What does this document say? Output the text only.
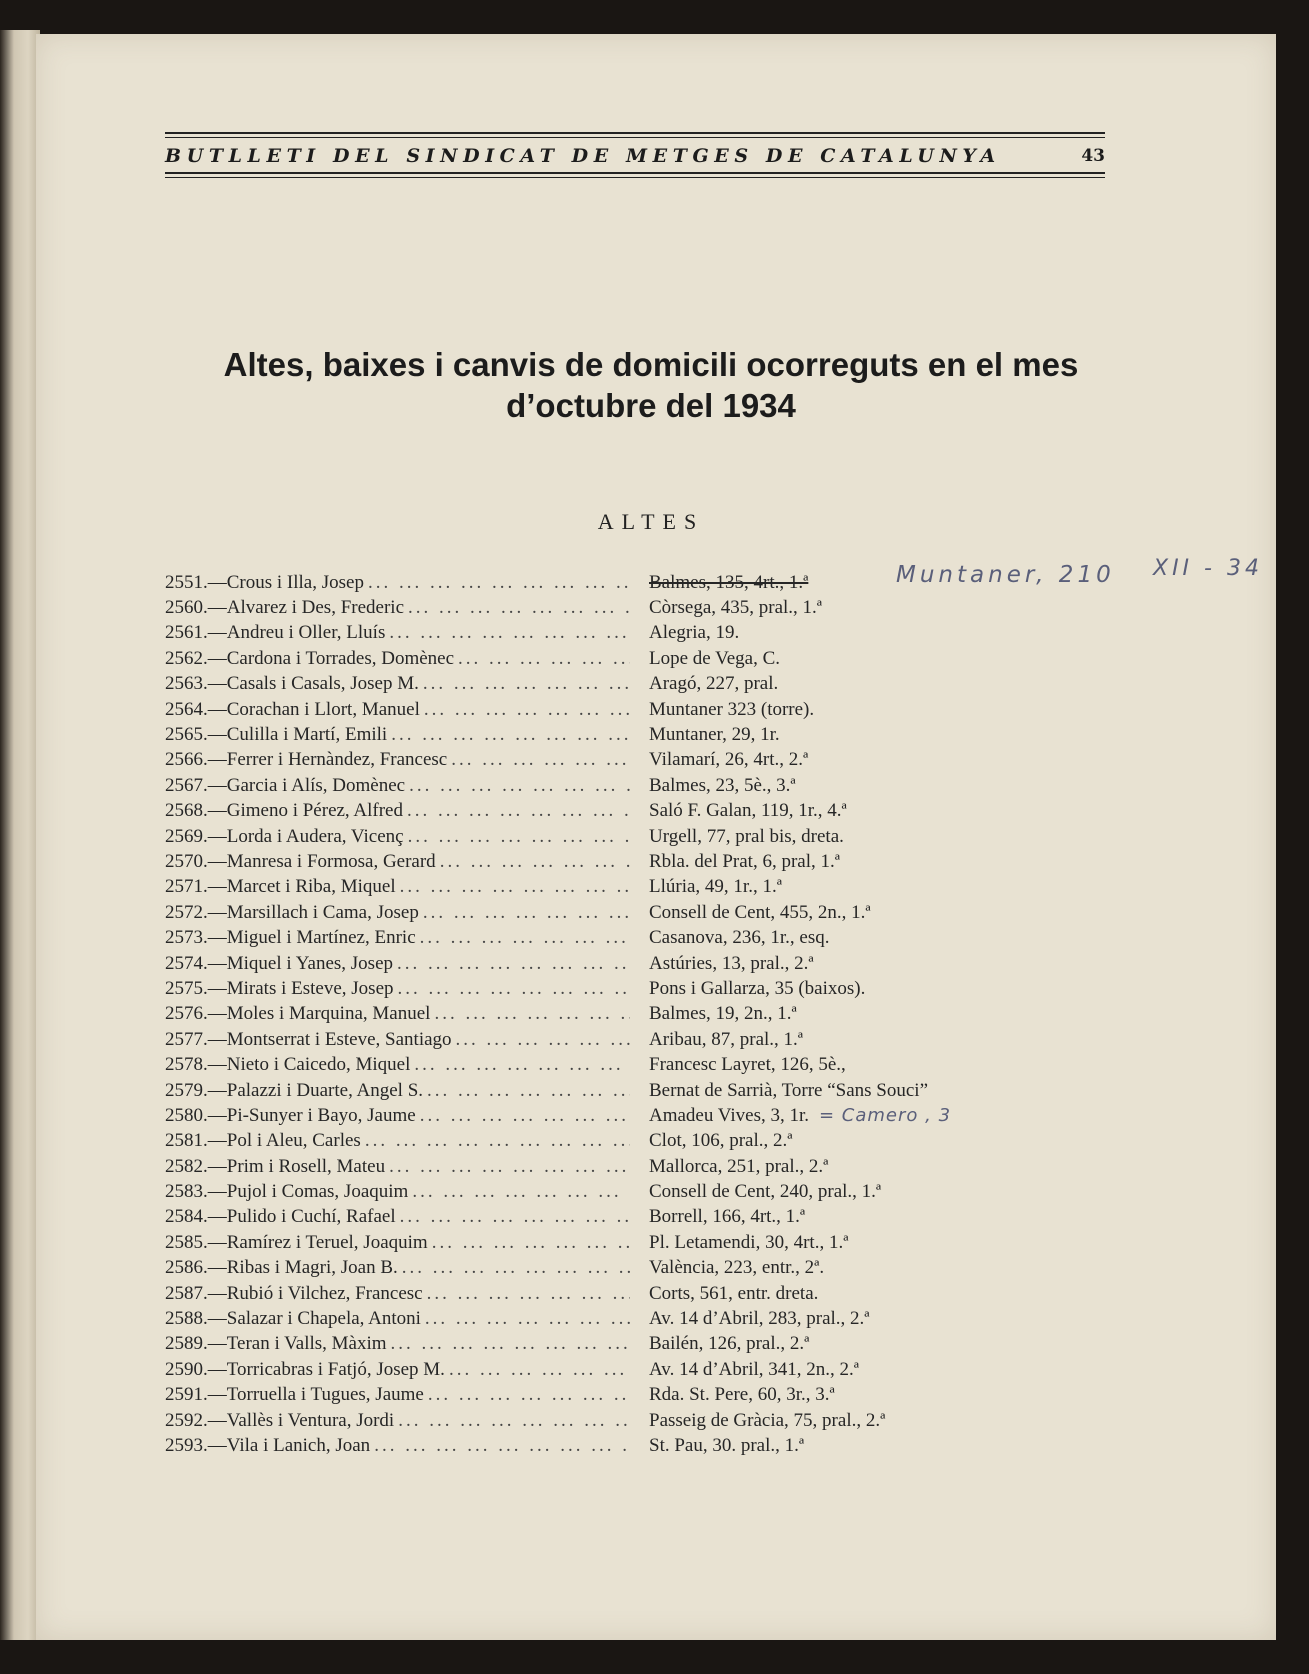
BUTLLETI DEL SINDICAT DE METGES DE CATALUNYA	43
Altes, baixes i canvis de domicili ocorreguts en el mes
d’octubre del 1934
ALTES
2551.—Crous i Illa, Josep ... .	Balmes, 135, 4rt., 1.ª
2560.—Alvarez i Des, Frederic ... .	Còrsega, 435, pral., 1.ª
2561.—Andreu i Oller, Lluís ... .	Alegria, 19.
2562.—Cardona i Torrades, Domènec ... .	Lope de Vega, C.
2563.—Casals i Casals, Josep M. ... .	Aragó, 227, pral.
2564.—Corachan i Llort, Manuel ... .	Muntaner 323 (torre).
2565.—Culilla i Martí, Emili ... .	Muntaner, 29, 1r.
2566.—Ferrer i Hernàndez, Francesc ... .	Vilamarí, 26, 4rt., 2.ª
2567.—Garcia i Alís, Domènec ... .	Balmes, 23, 5è., 3.ª
2568.—Gimeno i Pérez, Alfred ... .	Saló F. Galan, 119, 1r., 4.ª
2569.—Lorda i Audera, Vicenç ... .	Urgell, 77, pral bis, dreta.
2570.—Manresa i Formosa, Gerard ... .	Rbla. del Prat, 6, pral, 1.ª
2571.—Marcet i Riba, Miquel ... .	Llúria, 49, 1r., 1.ª
2572.—Marsillach i Cama, Josep ... .	Consell de Cent, 455, 2n., 1.ª
2573.—Miguel i Martínez, Enric ... .	Casanova, 236, 1r., esq.
2574.—Miquel i Yanes, Josep ... .	Astúries, 13, pral., 2.ª
2575.—Mirats i Esteve, Josep ... .	Pons i Gallarza, 35 (baixos).
2576.—Moles i Marquina, Manuel ... .	Balmes, 19, 2n., 1.ª
2577.—Montserrat i Esteve, Santiago ... .	Aribau, 87, pral., 1.ª
2578.—Nieto i Caicedo, Miquel ... .	Francesc Layret, 126, 5è.,
2579.—Palazzi i Duarte, Angel S. ... .	Bernat de Sarrià, Torre “Sans Souci”
2580.—Pi-Sunyer i Bayo, Jaume ... .	Amadeu Vives, 3, 1r. = Camero , 3
2581.—Pol i Aleu, Carles ... .	Clot, 106, pral., 2.ª
2582.—Prim i Rosell, Mateu ... .	Mallorca, 251, pral., 2.ª
2583.—Pujol i Comas, Joaquim ... .	Consell de Cent, 240, pral., 1.ª
2584.—Pulido i Cuchí, Rafael ... .	Borrell, 166, 4rt., 1.ª
2585.—Ramírez i Teruel, Joaquim ... .	Pl. Letamendi, 30, 4rt., 1.ª
2586.—Ribas i Magri, Joan B. ... .	València, 223, entr., 2ª.
2587.—Rubió i Vilchez, Francesc ... .	Corts, 561, entr. dreta.
2588.—Salazar i Chapela, Antoni ... .	Av. 14 d’Abril, 283, pral., 2.ª
2589.—Teran i Valls, Màxim ... .	Bailén, 126, pral., 2.ª
2590.—Torricabras i Fatjó, Josep M. ... .	Av. 14 d’Abril, 341, 2n., 2.ª
2591.—Torruella i Tugues, Jaume ... .	Rda. St. Pere, 60, 3r., 3.ª
2592.—Vallès i Ventura, Jordi ... .	Passeig de Gràcia, 75, pral., 2.ª
2593.—Vila i Lanich, Joan ... .	St. Pau, 30. pral., 1.ª
Muntaner, 210 XII - 34
